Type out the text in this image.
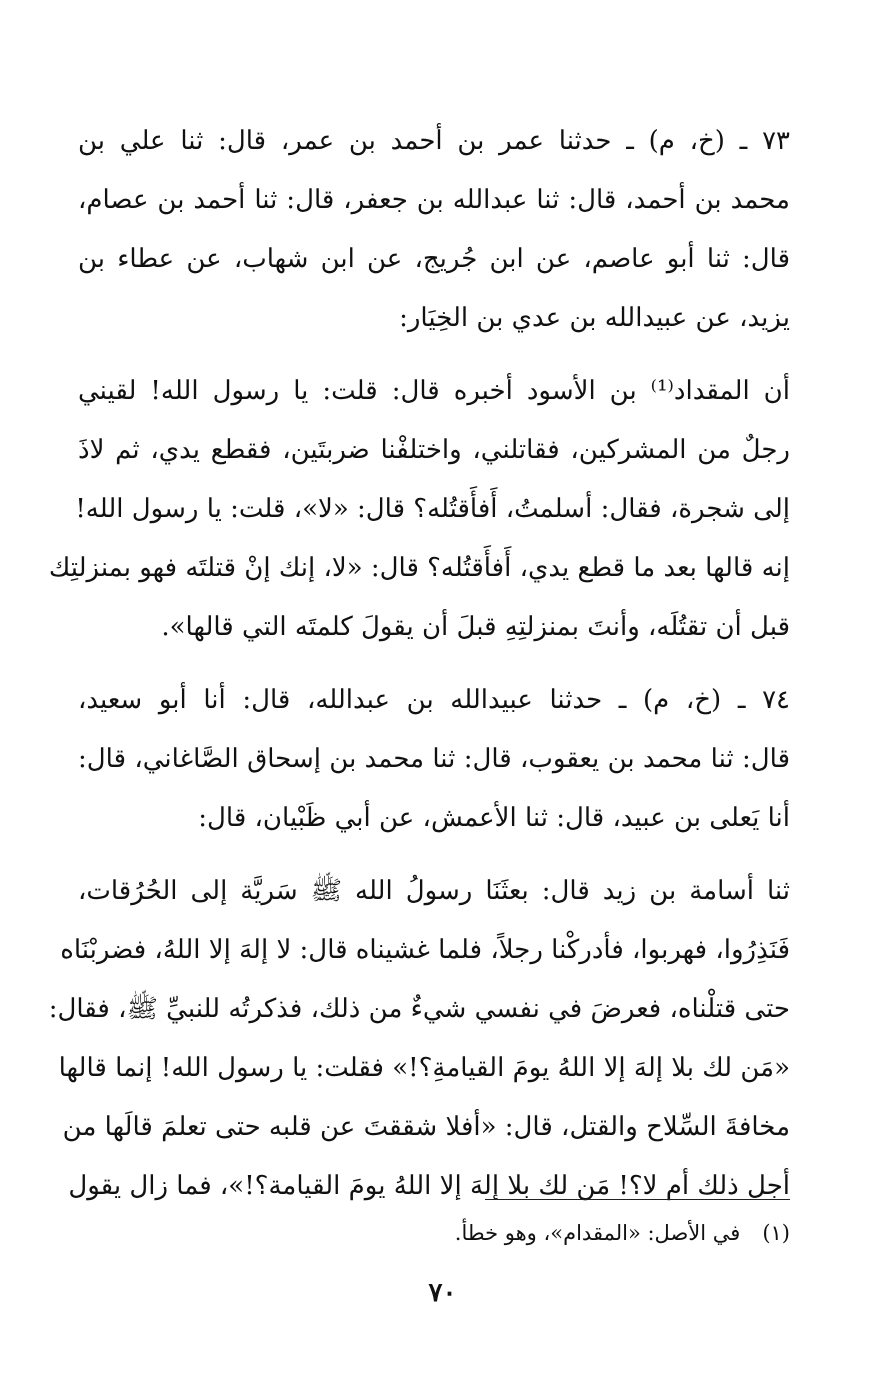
٧٣ ـ (خ، م) ـ حدثنا عمر بن أحمد بن عمر، قال: ثنا علي بن
محمد بن أحمد، قال: ثنا عبدالله بن جعفر، قال: ثنا أحمد بن عصام،
قال: ثنا أبو عاصم، عن ابن جُريج، عن ابن شهاب، عن عطاء بن
يزيد، عن عبيدالله بن عدي بن الخِيَار:

أن المقداد⁽¹⁾ بن الأسود أخبره قال: قلت: يا رسول الله! لقيني
رجلٌ من المشركين، فقاتلني، واختلفْنا ضربتَين، فقطع يدي، ثم لاذَ
إلى شجرة، فقال: أسلمتُ، أَفأَقتُله؟ قال: «لا»، قلت: يا رسول الله!
إنه قالها بعد ما قطع يدي، أَفأَقتُله؟ قال: «لا، إنك إنْ قتلتَه فهو بمنزلتِك
قبل أن تقتُلَه، وأنتَ بمنزلتِهِ قبلَ أن يقولَ كلمتَه التي قالها».

٧٤ ـ (خ، م) ـ حدثنا عبيدالله بن عبدالله، قال: أنا أبو سعيد،
قال: ثنا محمد بن يعقوب، قال: ثنا محمد بن إسحاق الصَّاغاني، قال:
أنا يَعلى بن عبيد، قال: ثنا الأعمش، عن أبي ظَبْيان، قال:

ثنا أسامة بن زيد قال: بعثَنَا رسولُ الله ﷺ سَريَّة إلى الحُرُقات،
فَنَذِرُوا، فهربوا، فأدركْنا رجلاً، فلما غشيناه قال: لا إلهَ إلا اللهُ، فضربْنَاه
حتى قتلْناه، فعرضَ في نفسي شيءٌ من ذلك، فذكرتُه للنبيِّ ﷺ، فقال:
«مَن لك بلا إلهَ إلا اللهُ يومَ القيامةِ؟!» فقلت: يا رسول الله! إنما قالها
مخافةَ السِّلاح والقتل، قال: «أفلا شققتَ عن قلبه حتى تعلمَ قالَها من
أجل ذلك أم لا؟! مَن لك بلا إلهَ إلا اللهُ يومَ القيامة؟!»، فما زال يقول

(١)في الأصل: «المقدام»، وهو خطأ.
٧٠
